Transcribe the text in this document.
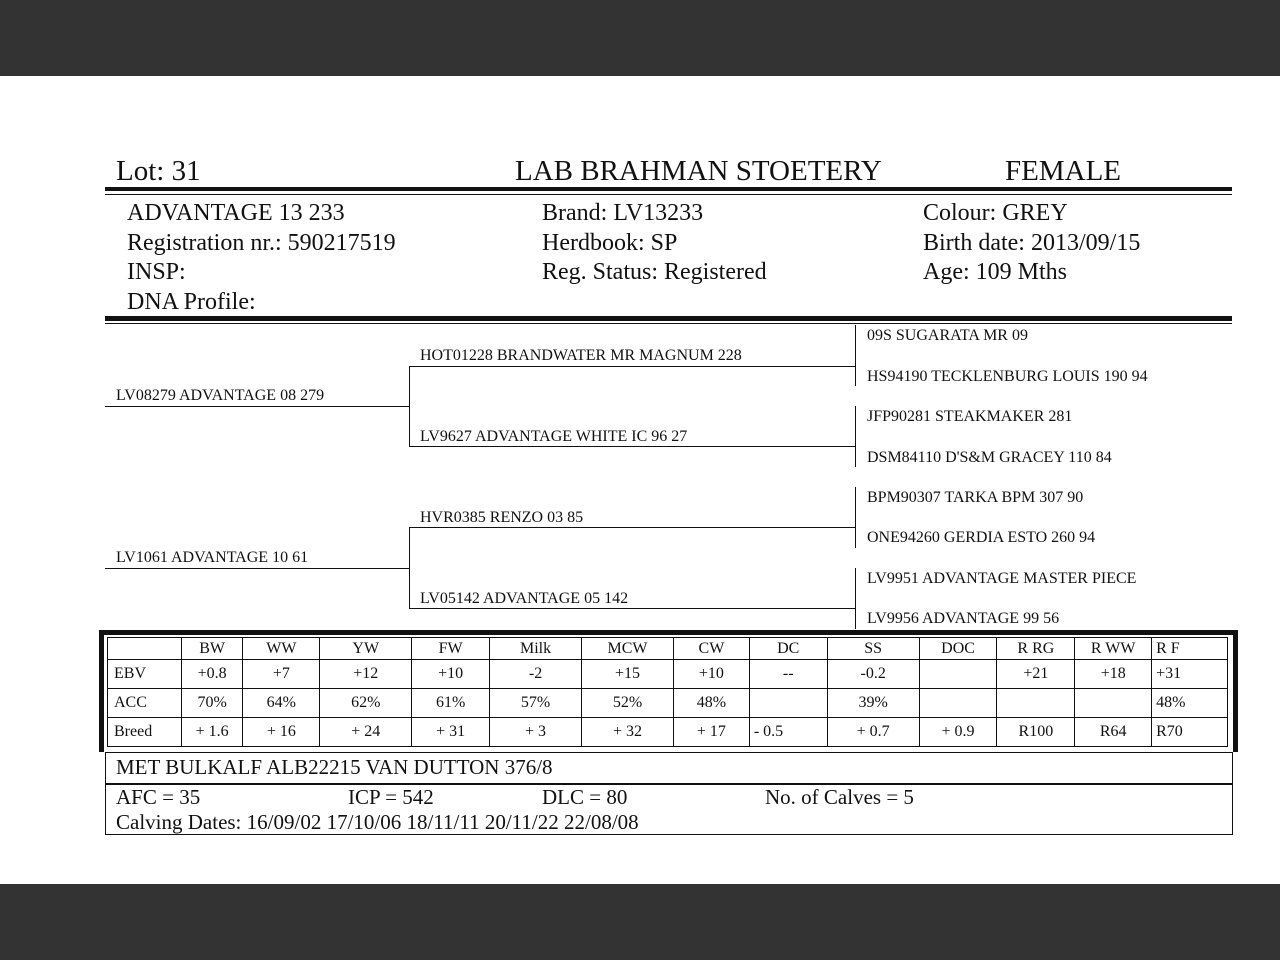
Lot: 31	LAB BRAHMAN STOETERY	FEMALE
ADVANTAGE 13 233
Registration nr.: 590217519
INSP:
DNA Profile:
Brand: LV13233
Herdbook: SP
Reg. Status: Registered
Colour: GREY
Birth date: 2013/09/15
Age: 109 Mths
LV08279 ADVANTAGE 08 279
LV1061 ADVANTAGE 10 61
HOT01228 BRANDWATER MR MAGNUM 228
LV9627 ADVANTAGE WHITE IC 96 27
HVR0385 RENZO 03 85
LV05142 ADVANTAGE 05 142
09S SUGARATA MR 09
HS94190 TECKLENBURG LOUIS 190 94
JFP90281 STEAKMAKER 281
DSM84110 D'S&M GRACEY 110 84
BPM90307 TARKA BPM 307 90
ONE94260 GERDIA ESTO 260 94
LV9951 ADVANTAGE MASTER PIECE
LV9956 ADVANTAGE 99 56
	BW	WW	YW	FW	Milk	MCW	CW	DC	SS	DOC	R RG	R WW	R F
EBV	+0.8	+7	+12	+10	-2	+15	+10	--	-0.2		+21	+18	+31
ACC	70%	64%	62%	61%	57%	52%	48%		39%				48%
Breed	+ 1.6	+ 16	+ 24	+ 31	+ 3	+ 32	+ 17	- 0.5	+ 0.7	+ 0.9	R100	R64	R70
MET BULKALF ALB22215 VAN DUTTON 376/8
AFC = 35	ICP = 542	DLC = 80	No. of Calves = 5
Calving Dates: 16/09/02 17/10/06 18/11/11 20/11/22 22/08/08
